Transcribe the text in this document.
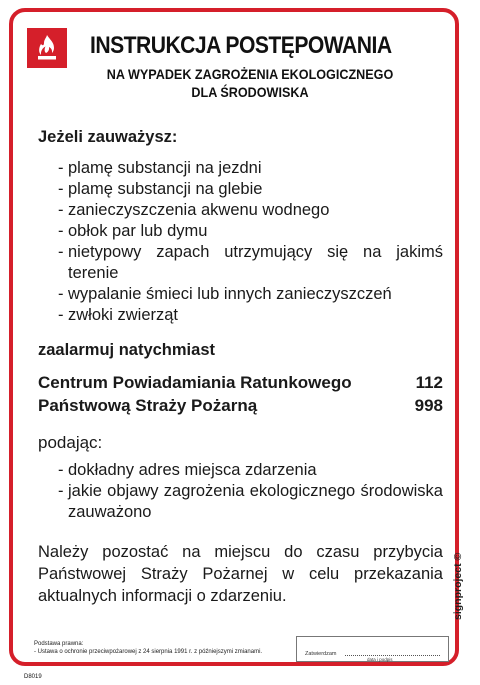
INSTRUKCJA POSTĘPOWANIA
NA WYPADEK ZAGROŻENIA EKOLOGICZNEGO
DLA ŚRODOWISKA
Jeżeli zauważysz:
- plamę substancji na jezdni
- plamę substancji na glebie
- zanieczyszczenia akwenu wodnego
- obłok par lub dymu
- nietypowy zapach utrzymujący się na jakimś terenie
- wypalanie śmieci lub innych zanieczyszczeń
- zwłoki zwierząt
zaalarmuj natychmiast
Centrum Powiadamiania Ratunkowego	112
Państwową Straży Pożarną	998
podając:
- dokładny adres miejsca zdarzenia
- jakie objawy zagrożenia ekologicznego środowiska zauważono
Należy pozostać na miejscu do czasu przybycia Państwowej Straży Pożarnej w celu przekazania aktualnych informacji o zdarzeniu.
Podstawa prawna:
- Ustawa o ochronie przeciwpożarowej z 24 sierpnia 1991 r. z późniejszymi zmianami.	Zatwierdzam
data i podpis
signproject ©
D8019
